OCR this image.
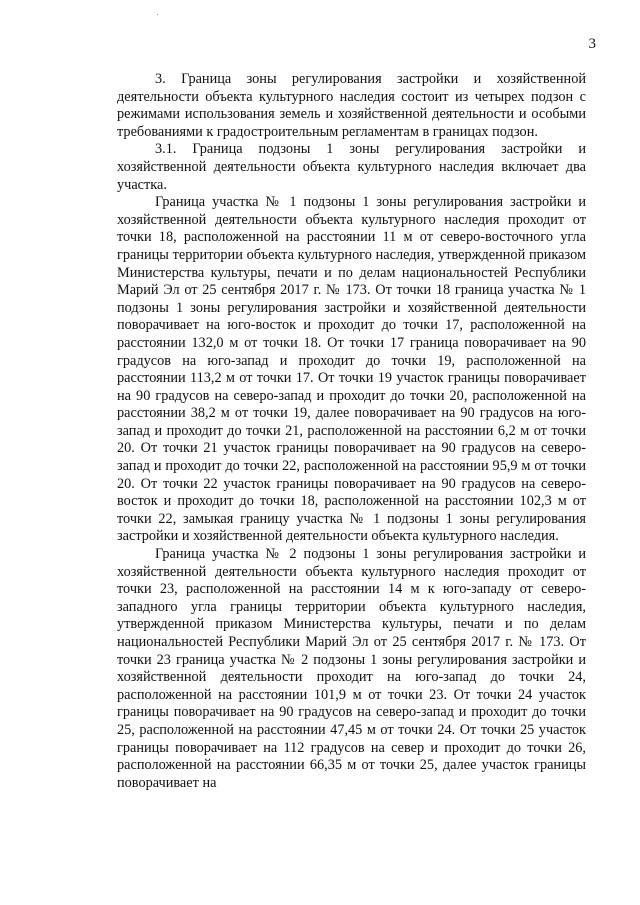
3

3. Граница зоны регулирования застройки и хозяйственной деятельности объекта культурного наследия состоит из четырех подзон с режимами использования земель и хозяйственной деятельности и особыми требованиями к градостроительным регламентам в границах подзон.

3.1. Граница подзоны 1 зоны регулирования застройки и хозяйственной деятельности объекта культурного наследия включает два участка.

Граница участка № 1 подзоны 1 зоны регулирования застройки и хозяйственной деятельности объекта культурного наследия проходит от точки 18, расположенной на расстоянии 11 м от северо-восточного угла границы территории объекта культурного наследия, утвержденной приказом Министерства культуры, печати и по делам национальностей Республики Марий Эл от 25 сентября 2017 г. № 173. От точки 18 границa участка № 1 подзоны 1 зоны регулирования застройки и хозяйственной деятельности поворачивает на юго-восток и проходит до точки 17, расположенной на расстоянии 132,0 м от точки 18. От точки 17 граница поворачивает на 90 градусов на юго-запад и проходит до точки 19, расположенной на расстоянии 113,2 м от точки 17. От точки 19 участок границы поворачивает на 90 градусов на северо-запад и проходит до точки 20, расположенной на расстоянии 38,2 м от точки 19, далее поворачивает на 90 градусов на юго-запад и проходит до точки 21, расположенной на расстоянии 6,2 м от точки 20. От точки 21 участок границы поворачивает на 90 градусов на северо-запад и проходит до точки 22, расположенной на расстоянии 95,9 м от точки 20. От точки 22 участок границы поворачивает на 90 градусов на северо-восток и проходит до точки 18, расположенной на расстоянии 102,3 м от точки 22, замыкая границу участка № 1 подзоны 1 зоны регулирования застройки и хозяйственной деятельности объекта культурного наследия.

Граница участка № 2 подзоны 1 зоны регулирования застройки и хозяйственной деятельности объекта культурного наследия проходит от точки 23, расположенной на расстоянии 14 м к юго-западу от северо-западного угла границы территории объекта культурного наследия, утвержденной приказом Министерства культуры, печати и по делам национальностей Республики Марий Эл от 25 сентября 2017 г. № 173. От точки 23 граница участка № 2 подзоны 1 зоны регулирования застройки и хозяйственной деятельности проходит на юго-запад до точки 24, расположенной на расстоянии 101,9 м от точки 23. От точки 24 участок границы поворачивает на 90 градусов на северо-запад и проходит до точки 25, расположенной на расстоянии 47,45 м от точки 24. От точки 25 участок границы поворачивает на 112 градусов на север и проходит до точки 26, расположенной на расстоянии 66,35 м от точки 25, далее участок границы поворачивает на
